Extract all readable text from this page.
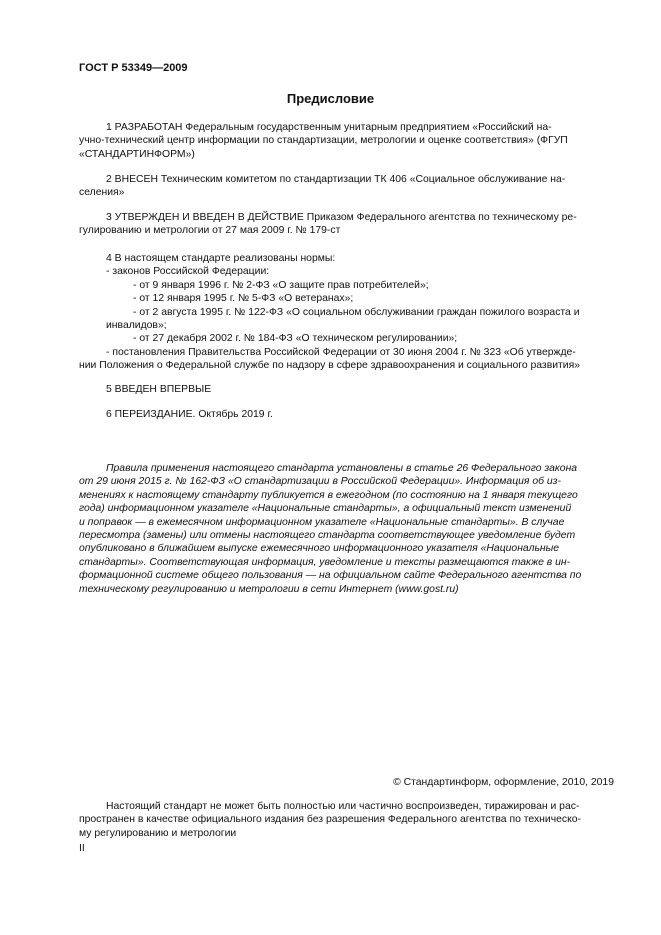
ГОСТ Р 53349—2009
Предисловие
1 РАЗРАБОТАН Федеральным государственным унитарным предприятием «Российский на-
учно-технический центр информации по стандартизации, метрологии и оценке соответствия» (ФГУП
«СТАНДАРТИНФОРМ»)
2 ВНЕСЕН Техническим комитетом по стандартизации ТК 406 «Социальное обслуживание на-
селения»
3 УТВЕРЖДЕН И ВВЕДЕН В ДЕЙСТВИЕ Приказом Федерального агентства по техническому ре-
гулированию и метрологии от 27 мая 2009 г. № 179-ст
4 В настоящем стандарте реализованы нормы:
- законов Российской Федерации:
- от 9 января 1996 г. № 2-ФЗ «О защите прав потребителей»;
- от 12 января 1995 г. № 5-ФЗ «О ветеранах»;
- от 2 августа 1995 г. № 122-ФЗ «О социальном обслуживании граждан пожилого возраста и
инвалидов»;
- от 27 декабря 2002 г. № 184-ФЗ «О техническом регулировании»;
- постановления Правительства Российской Федерации от 30 июня 2004 г. № 323 «Об утвержде-
нии Положения о Федеральной службе по надзору в сфере здравоохранения и социального развития»
5 ВВЕДЕН ВПЕРВЫЕ
6 ПЕРЕИЗДАНИЕ. Октябрь 2019 г.
Правила применения настоящего стандарта установлены в статье 26 Федерального закона
от 29 июня 2015 г. № 162-ФЗ «О стандартизации в Российской Федерации». Информация об из-
менениях к настоящему стандарту публикуется в ежегодном (по состоянию на 1 января текущего
года) информационном указателе «Национальные стандарты», а официальный текст изменений
и поправок — в ежемесячном информационном указателе «Национальные стандарты». В случае
пересмотра (замены) или отмены настоящего стандарта соответствующее уведомление будет
опубликовано в ближайшем выпуске ежемесячного информационного указателя «Национальные
стандарты». Соответствующая информация, уведомление и тексты размещаются также в ин-
формационной системе общего пользования — на официальном сайте Федерального агентства по
техническому регулированию и метрологии в сети Интернет (www.gost.ru)
© Стандартинформ, оформление, 2010, 2019
Настоящий стандарт не может быть полностью или частично воспроизведен, тиражирован и рас-
пространен в качестве официального издания без разрешения Федерального агентства по техническо-
му регулированию и метрологии
II
